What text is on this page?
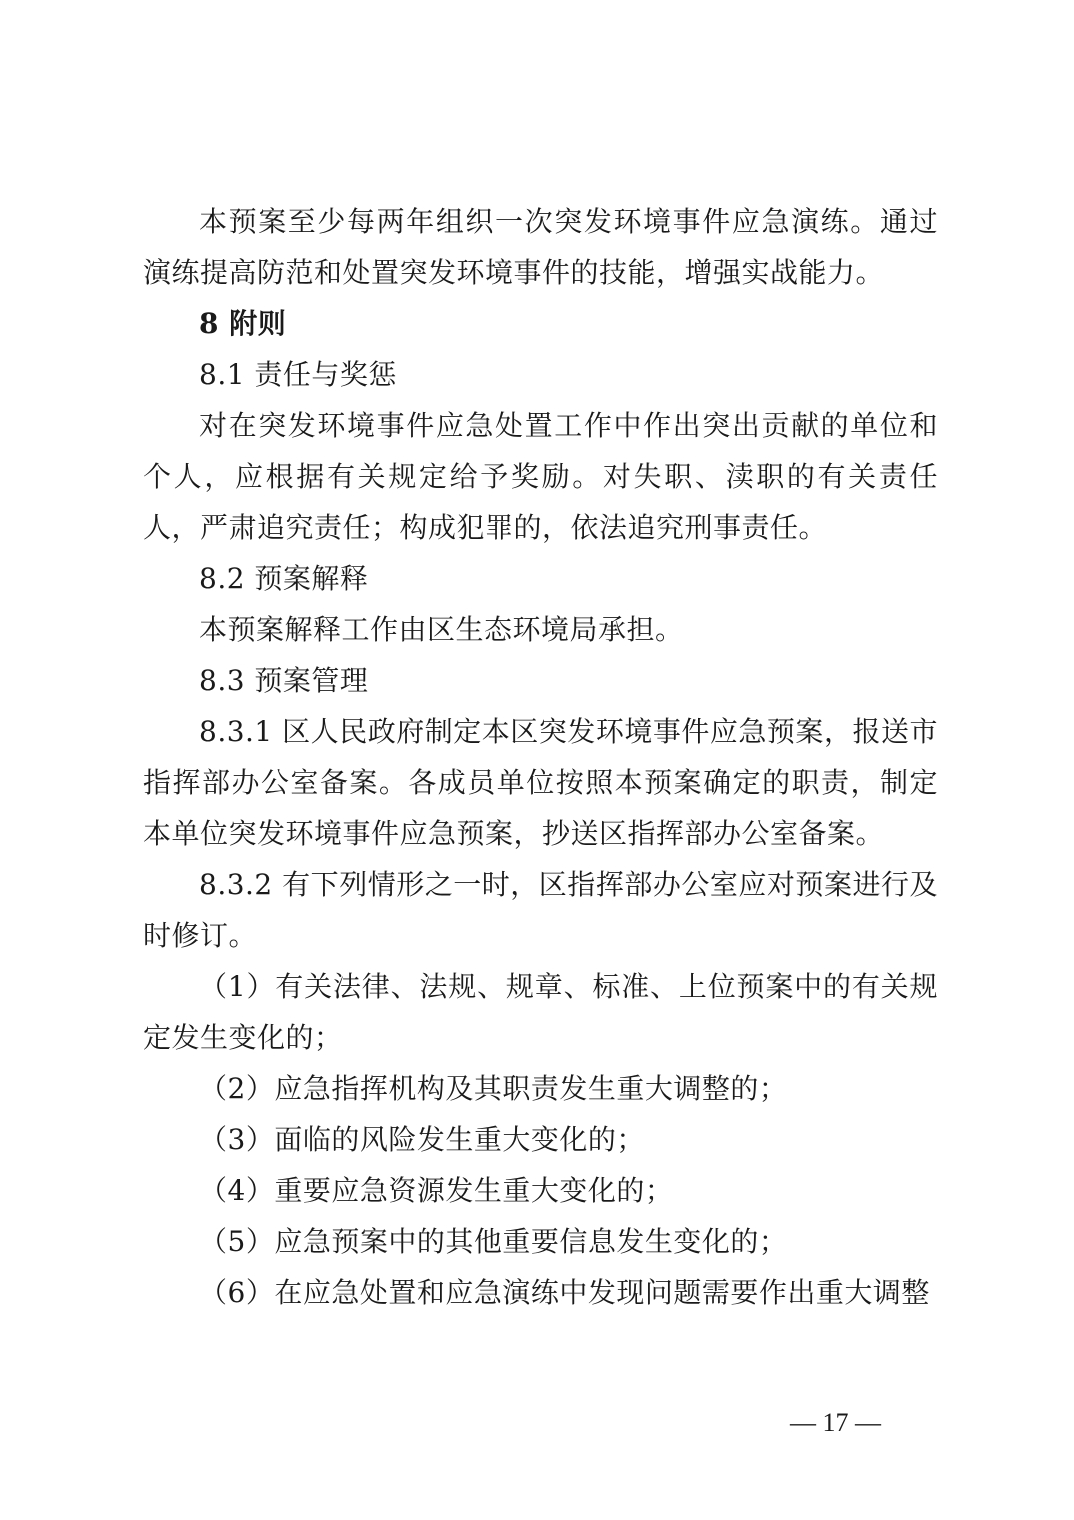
本预案至少每两年组织一次突发环境事件应急演练。通过演练提高防范和处置突发环境事件的技能，增强实战能力。

8 附则

8.1 责任与奖惩

对在突发环境事件应急处置工作中作出突出贡献的单位和个人，应根据有关规定给予奖励。对失职、渎职的有关责任人，严肃追究责任；构成犯罪的，依法追究刑事责任。

8.2 预案解释

本预案解释工作由区生态环境局承担。

8.3 预案管理

8.3.1 区人民政府制定本区突发环境事件应急预案，报送市指挥部办公室备案。各成员单位按照本预案确定的职责，制定本单位突发环境事件应急预案，抄送区指挥部办公室备案。

8.3.2 有下列情形之一时，区指挥部办公室应对预案进行及时修订。

（1）有关法律、法规、规章、标准、上位预案中的有关规定发生变化的；

（2）应急指挥机构及其职责发生重大调整的；

（3）面临的风险发生重大变化的；

（4）重要应急资源发生重大变化的；

（5）应急预案中的其他重要信息发生变化的；

（6）在应急处置和应急演练中发现问题需要作出重大调整

— 17 —
